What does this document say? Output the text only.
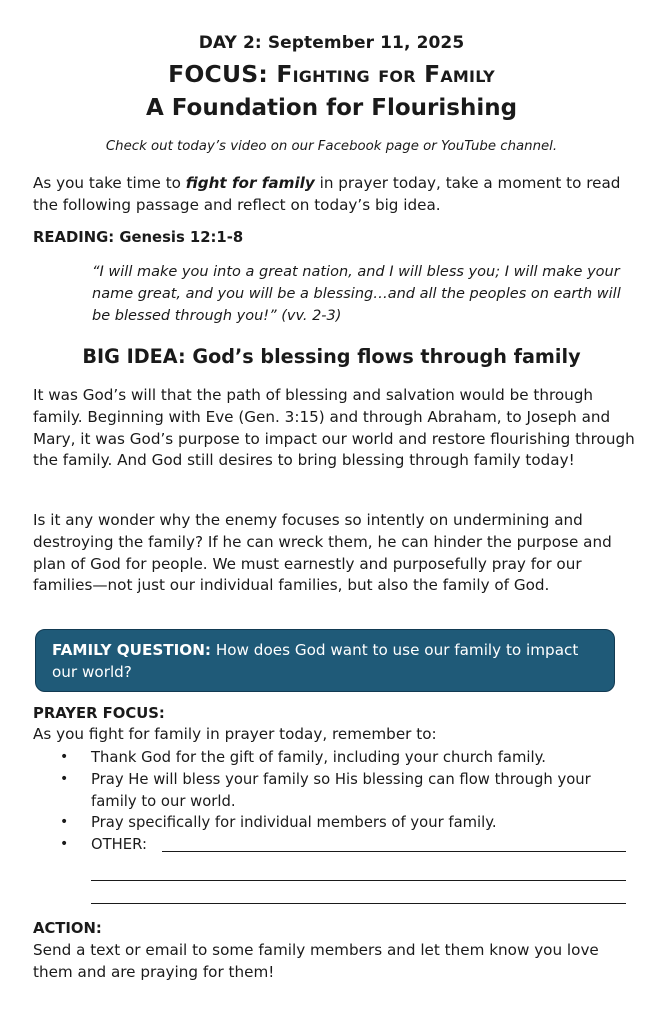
DAY 2: September 11, 2025
FOCUS: Fighting for Family
A Foundation for Flourishing
Check out today’s video on our Facebook page or YouTube channel.
As you take time to fight for family in prayer today, take a moment to read the following passage and reflect on today’s big idea.
READING: Genesis 12:1-8
“I will make you into a great nation, and I will bless you; I will make your name great, and you will be a blessing…and all the peoples on earth will be blessed through you!” (vv. 2-3)
BIG IDEA: God’s blessing flows through family
It was God’s will that the path of blessing and salvation would be through family. Beginning with Eve (Gen. 3:15) and through Abraham, to Joseph and Mary, it was God’s purpose to impact our world and restore flourishing through the family. And God still desires to bring blessing through family today!
Is it any wonder why the enemy focuses so intently on undermining and destroying the family? If he can wreck them, he can hinder the purpose and plan of God for people. We must earnestly and purposefully pray for our families—not just our individual families, but also the family of God.
FAMILY QUESTION: How does God want to use our family to impact our world?
PRAYER FOCUS:
As you fight for family in prayer today, remember to:
• Thank God for the gift of family, including your church family.
• Pray He will bless your family so His blessing can flow through your family to our world.
• Pray specifically for individual members of your family.
• OTHER:
ACTION:
Send a text or email to some family members and let them know you love them and are praying for them!
